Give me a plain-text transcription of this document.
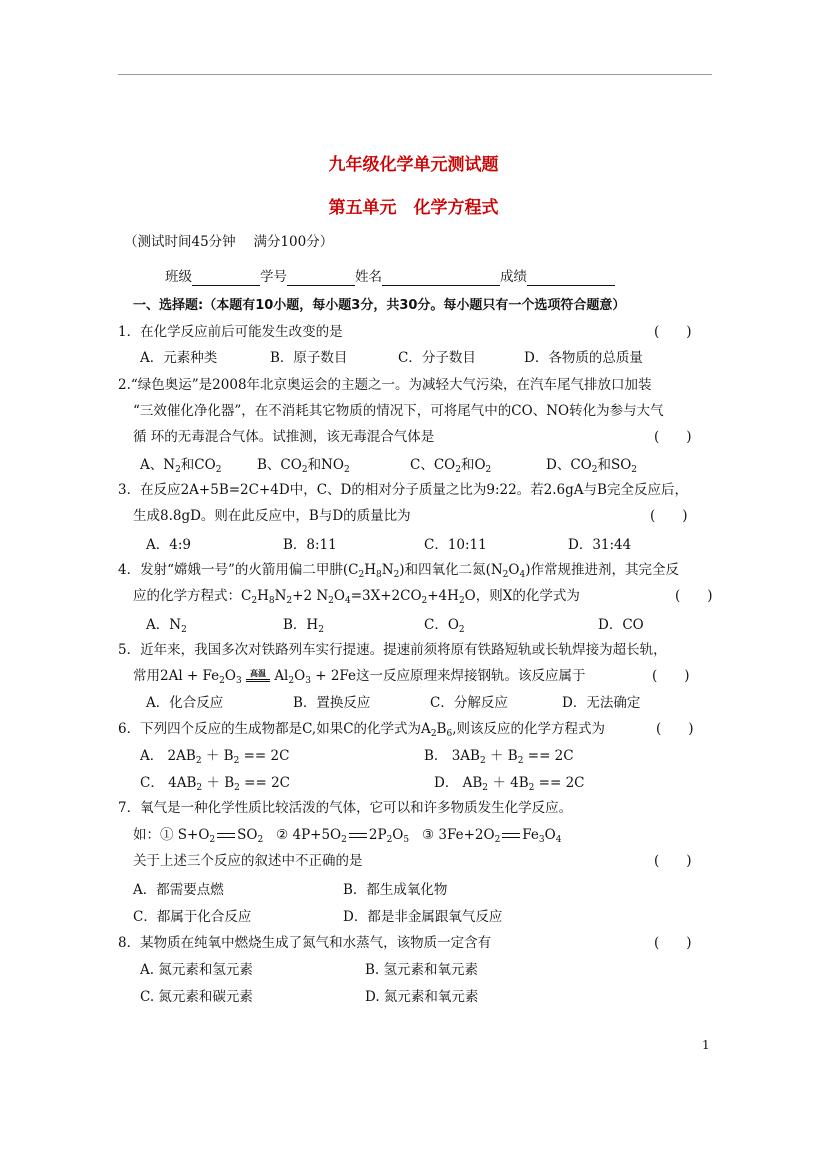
九年级化学单元测试题
第五单元　化学方程式
（测试时间45分钟　 满分100分）
班级	学号	姓名	成绩
一、选择题:（本题有10小题，每小题3分，共30分。每小题只有一个选项符合题意）
1．在化学反应前后可能发生改变的是	(　　)
A．元素种类	B．原子数目	C．分子数目	D．各物质的总质量
2.“绿色奥运”是2008年北京奥运会的主题之一。为减轻大气污染，在汽车尾气排放口加装
“三效催化净化器”，在不消耗其它物质的情况下，可将尾气中的CO、NO转化为参与大气
循 环的无毒混合气体。试推测，该无毒混合气体是	(　　)
A、$N_2$和$CO_2$	B、$CO_2$和$NO_2$	C、$CO_2$和$O_2$	D、$CO_2$和$SO_2$
3．在反应2A+5B=2C+4D中，C、D的相对分子质量之比为9:22。若2.6gA与B完全反应后，
生成8.8gD。则在此反应中，B与D的质量比为	(　　)
A．4:9	B．8:11	C．10:11	D．31:44
4．发射“嫦娥一号”的火箭用偏二甲肼$(C_2H_8N_2)$和四氧化二氮$(N_2O_4)$作常规推进剂，其完全反
应的化学方程式：$C_2H_8N_2+2$ $N_2O_4=3X+2CO_2+4H_2O$，则X的化学式为	(　　)
A．$N_2$	B．$H_2$	C．$O_2$	D．CO
5．近年来，我国多次对铁路列车实行提速。提速前须将原有铁路短轨或长轨焊接为超长轨，
常用$2Al + Fe_2O_3$
高温 $Al_2O_3 + 2Fe$这一反应原理来焊接钢轨。该反应属于	(　　)
A．化合反应	B．置换反应	C．分解反应	D．无法确定
6．下列四个反应的生成物都是C,如果C的化学式为$A_2B_6$,则该反应的化学方程式为	(　　)
A． $2AB_2 + B_2 == 2C$	B． $3AB_2 + B_2 == 2C$
C． $4AB_2 + B_2 == 2C$	D． $AB_2 + 4B_2 == 2C$
7．氧气是一种化学性质比较活泼的气体，它可以和许多物质发生化学反应。
如：① $S+O_2$ $SO_2$ ② $4P+5O_2$ $2P_2O_5$ ③ $3Fe+2O_2$ $Fe_3O_4$
关于上述三个反应的叙述中不正确的是	(　　)
A．都需要点燃	B．都生成氧化物
C．都属于化合反应	D．都是非金属跟氧气反应
8．某物质在纯氧中燃烧生成了氮气和水蒸气，该物质一定含有	(　　)
A. 氮元素和氢元素	B. 氢元素和氧元素
C. 氮元素和碳元素	D. 氮元素和氧元素
1
